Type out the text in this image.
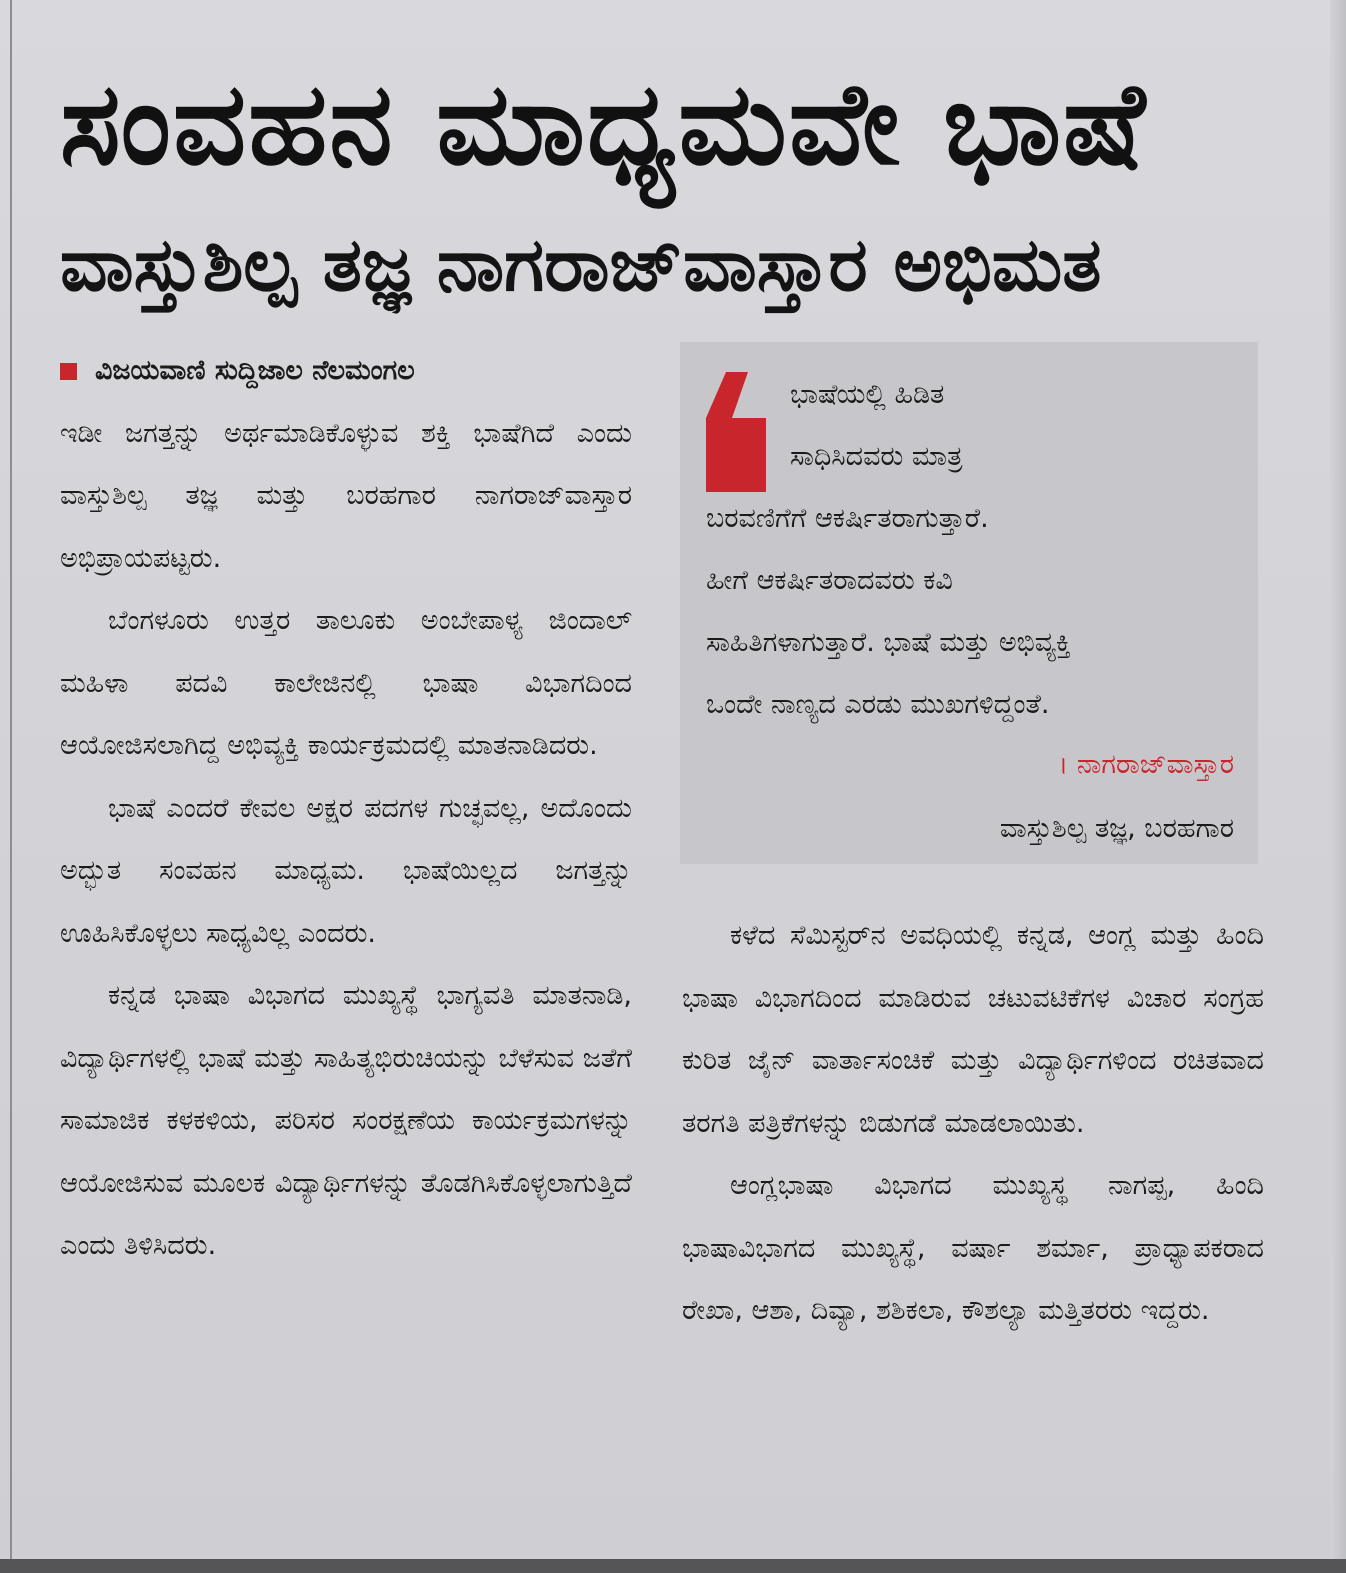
ಸಂವಹನ ಮಾಧ್ಯಮವೇ ಭಾಷೆ
ವಾಸ್ತುಶಿಲ್ಪ ತಜ್ಞ ನಾಗರಾಜ್‌ವಾಸ್ತಾರ ಅಭಿಮತ
ವಿಜಯವಾಣಿ ಸುದ್ದಿಜಾಲ ನೆಲಮಂಗಲ

ಇಡೀ ಜಗತ್ತನ್ನು ಅರ್ಥಮಾಡಿಕೊಳ್ಳುವ ಶಕ್ತಿ ಭಾಷೆಗಿದೆ ಎಂದು ವಾಸ್ತುಶಿಲ್ಪ ತಜ್ಞ ಮತ್ತು ಬರಹಗಾರ ನಾಗರಾಜ್‌ವಾಸ್ತಾರ ಅಭಿಪ್ರಾಯಪಟ್ಟರು.

ಬೆಂಗಳೂರು ಉತ್ತರ ತಾಲೂಕು ಅಂಬೇಪಾಳ್ಯ ಜಿಂದಾಲ್ ಮಹಿಳಾ ಪದವಿ ಕಾಲೇಜಿನಲ್ಲಿ ಭಾಷಾ ವಿಭಾಗದಿಂದ ಆಯೋಜಿಸಲಾಗಿದ್ದ ಅಭಿವ್ಯಕ್ತಿ ಕಾರ್ಯಕ್ರಮದಲ್ಲಿ ಮಾತನಾಡಿದರು.

ಭಾಷೆ ಎಂದರೆ ಕೇವಲ ಅಕ್ಷರ ಪದಗಳ ಗುಚ್ಛವಲ್ಲ, ಅದೊಂದು ಅದ್ಭುತ ಸಂವಹನ ಮಾಧ್ಯಮ. ಭಾಷೆಯಿಲ್ಲದ ಜಗತ್ತನ್ನು ಊಹಿಸಿಕೊಳ್ಳಲು ಸಾಧ್ಯವಿಲ್ಲ ಎಂದರು.

ಕನ್ನಡ ಭಾಷಾ ವಿಭಾಗದ ಮುಖ್ಯಸ್ಥೆ ಭಾಗ್ಯವತಿ ಮಾತನಾಡಿ, ವಿದ್ಯಾರ್ಥಿಗಳಲ್ಲಿ ಭಾಷೆ ಮತ್ತು ಸಾಹಿತ್ಯಭಿರುಚಿಯನ್ನು ಬೆಳೆಸುವ ಜತೆಗೆ ಸಾಮಾಜಿಕ ಕಳಕಳಿಯ, ಪರಿಸರ ಸಂರಕ್ಷಣೆಯ ಕಾರ್ಯಕ್ರಮಗಳನ್ನು ಆಯೋಜಿಸುವ ಮೂಲಕ ವಿದ್ಯಾರ್ಥಿಗಳನ್ನು ತೊಡಗಿಸಿಕೊಳ್ಳಲಾಗುತ್ತಿದೆ ಎಂದು ತಿಳಿಸಿದರು.

ಭಾಷೆಯಲ್ಲಿ ಹಿಡಿತ
ಸಾಧಿಸಿದವರು ಮಾತ್ರ
ಬರವಣಿಗೆಗೆ ಆಕರ್ಷಿತರಾಗುತ್ತಾರೆ.
ಹೀಗೆ ಆಕರ್ಷಿತರಾದವರು ಕವಿ
ಸಾಹಿತಿಗಳಾಗುತ್ತಾರೆ. ಭಾಷೆ ಮತ್ತು ಅಭಿವ್ಯಕ್ತಿ
ಒಂದೇ ನಾಣ್ಯದ ಎರಡು ಮುಖಗಳಿದ್ದಂತೆ.
। ನಾಗರಾಜ್‌ವಾಸ್ತಾರ
ವಾಸ್ತುಶಿಲ್ಪ ತಜ್ಞ, ಬರಹಗಾರ

ಕಳೆದ ಸೆಮಿಸ್ಟರ್‌ನ ಅವಧಿಯಲ್ಲಿ ಕನ್ನಡ, ಆಂಗ್ಲ ಮತ್ತು ಹಿಂದಿ ಭಾಷಾ ವಿಭಾಗದಿಂದ ಮಾಡಿರುವ ಚಟುವಟಿಕೆಗಳ ವಿಚಾರ ಸಂಗ್ರಹ ಕುರಿತ ಜೈನ್ ವಾರ್ತಾಸಂಚಿಕೆ ಮತ್ತು ವಿದ್ಯಾರ್ಥಿಗಳಿಂದ ರಚಿತವಾದ ತರಗತಿ ಪತ್ರಿಕೆಗಳನ್ನು ಬಿಡುಗಡೆ ಮಾಡಲಾಯಿತು.

ಆಂಗ್ಲಭಾಷಾ ವಿಭಾಗದ ಮುಖ್ಯಸ್ಥ ನಾಗಪ್ಪ, ಹಿಂದಿ ಭಾಷಾವಿಭಾಗದ ಮುಖ್ಯಸ್ಥೆ, ವರ್ಷಾ ಶರ್ಮಾ, ಪ್ರಾಧ್ಯಾಪಕರಾದ ರೇಖಾ, ಆಶಾ, ದಿವ್ಯಾ, ಶಶಿಕಲಾ, ಕೌಶಲ್ಯಾ ಮತ್ತಿತರರು ಇದ್ದರು.
